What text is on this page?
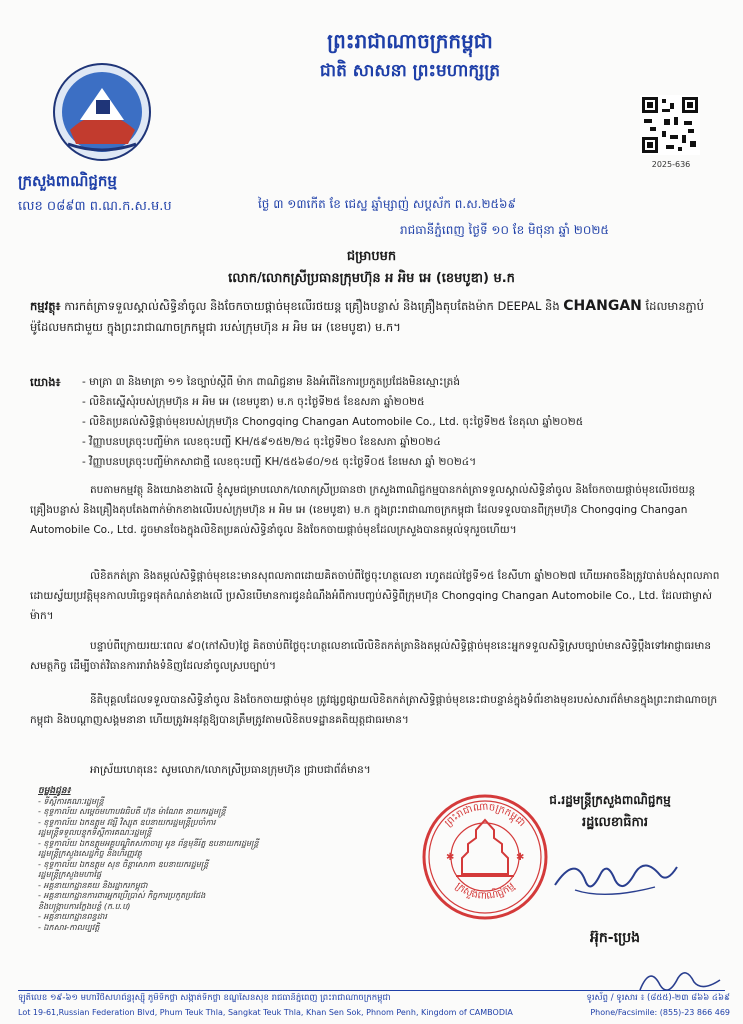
ព្រះរាជាណាចក្រកម្ពុជា
ជាតិ សាសនា ព្រះមហាក្សត្រ
ក្រសួងពាណិជ្ជកម្ម
2025-636
លេខ ០៨៩៣ ព.ណ.ក.ស.ម.ប	ថ្ងៃ ៣ ១៣កើត ខែ ជេស្ឋ ឆ្នាំម្សាញ់ សប្តស័ក ព.ស.២៥៦៩
រាជធានីភ្នំពេញ ថ្ងៃទី ១០ ខែ មិថុនា ឆ្នាំ ២០២៥
ជម្រាបមក
លោក/លោកស្រីប្រធានក្រុមហ៊ុន អ អិម អេ (ខេមបូឌា) ម.ក
កម្មវត្ថុ៖ ការកត់ត្រាទទួលស្គាល់សិទ្ធិនាំចូល និងចែកចាយផ្ដាច់មុខលើរថយន្ត គ្រឿងបន្លាស់ និងគ្រឿងតុបតែងម៉ាក DEEPAL និង CHANGAN ដែលមានភ្ជាប់ម៉ូដែលមកជាមួយ ក្នុងព្រះរាជាណាចក្រកម្ពុជា របស់ក្រុមហ៊ុន អ អិម អេ (ខេមបូឌា) ម.ក។
យោង៖	- មាត្រា ៣ និងមាត្រា ១១ នៃច្បាប់ស្តីពី ម៉ាក ពាណិជ្ជនាម និងអំពើនៃការប្រកួតប្រជែងមិនស្មោះត្រង់
- លិខិតស្នើសុំរបស់ក្រុមហ៊ុន អ អិម អេ (ខេមបូឌា) ម.ក ចុះថ្ងៃទី២៥ ខែឧសភា ឆ្នាំ២០២៥
- លិខិតប្រគល់សិទ្ធិផ្តាច់មុខរបស់ក្រុមហ៊ុន Chongqing Changan Automobile Co., Ltd. ចុះថ្ងៃទី២៥ ខែតុលា ឆ្នាំ២០២៥
- វិញ្ញាបនបត្រចុះបញ្ជីម៉ាក លេខចុះបញ្ជី KH/៥៩១៥២/២៤ ចុះថ្ងៃទី២០ ខែឧសភា ឆ្នាំ២០២៤
- វិញ្ញាបនបត្រចុះបញ្ជីម៉ាកសាជាថ្មី លេខចុះបញ្ជី KH/៥៥៦៨០/១៥ ចុះថ្ងៃទី០៥ ខែមេសា ឆ្នាំ ២០២៤។
តបតាមកម្មវត្ថុ និងយោងខាងលើ ខ្ញុំសូមជម្រាបលោក/លោកស្រីប្រធានថា ក្រសួងពាណិជ្ជកម្មបានកត់ត្រាទទួលស្គាល់សិទ្ធិនាំចូល និងចែកចាយផ្ដាច់មុខលើរថយន្ត គ្រឿងបន្លាស់ និងគ្រឿងតុបតែងពាក់ម៉ាកខាងលើរបស់ក្រុមហ៊ុន អ អិម អេ (ខេមបូឌា) ម.ក ក្នុងព្រះរាជាណាចក្រកម្ពុជា ដែលទទួលបានពីក្រុមហ៊ុន Chongqing Changan Automobile Co., Ltd. ដូចមានចែងក្នុងលិខិតប្រគល់សិទ្ធិនាំចូល និងចែកចាយផ្ដាច់មុខដែលក្រសួងបានតម្កល់ទុករួចហើយ។
លិខិតកត់ត្រា និងតម្កល់សិទ្ធិផ្តាច់មុខនេះមានសុពលភាពដោយគិតចាប់ពីថ្ងៃចុះហត្ថលេខា រហូតដល់ថ្ងៃទី១៥ ខែសីហា ឆ្នាំ២០២៧ ហើយអាចនឹងត្រូវបាត់បង់សុពលភាពដោយស្វ័យប្រវត្តិមុនកាលបរិច្ឆេទផុតកំណត់ខាងលើ ប្រសិនបើមានការជូនដំណឹងអំពីការបញ្ចប់សិទ្ធិពីក្រុមហ៊ុន Chongqing Changan Automobile Co., Ltd. ដែលជាម្ចាស់ម៉ាក។
បន្ទាប់ពីក្រោយរយៈពេល ៩០(កៅសិប)ថ្ងៃ គិតចាប់ពីថ្ងៃចុះហត្ថលេខាលើលិខិតកត់ត្រានិងតម្កល់សិទ្ធិផ្តាច់មុខនេះអ្នកទទួលសិទ្ធិស្របច្បាប់មានសិទ្ធិប្តឹងទៅអាជ្ញាធរមានសមត្ថកិច្ច ដើម្បីចាត់វិធានការរារាំងទំនិញដែលនាំចូលស្របច្បាប់។
នីតិបុគ្គលដែលទទួលបានសិទ្ធិនាំចូល និងចែកចាយផ្ដាច់មុខ ត្រូវផ្សព្វផ្សាយលិខិតកត់ត្រាសិទ្ធិផ្តាច់មុខនេះជាបន្ទាន់ក្នុងទំព័រខាងមុខរបស់សារព័ត៌មានក្នុងព្រះរាជាណាចក្រកម្ពុជា និងបណ្តាញសង្គមនានា ហើយត្រូវអនុវត្តឱ្យបានត្រឹមត្រូវតាមលិខិតបទដ្ឋានគតិយុត្តជាធរមាន។
អាស្រ័យហេតុនេះ សូមលោក/លោកស្រីប្រធានក្រុមហ៊ុន ជ្រាបជាព័ត៌មាន។
ចម្លងជូន៖
- ទីស្ដីការគណៈរដ្ឋមន្ត្រី
- ខុទ្ទកាល័យ សម្ដេចមហាបវរធិបតី ហ៊ុន ម៉ាណែត នាយករដ្ឋមន្ត្រី
- ខុទ្ទកាល័យ ឯកឧត្តម វង្សី វិស្សុត ឧបនាយករដ្ឋមន្ត្រីប្រចាំការ
រដ្ឋមន្ត្រីទទួលបន្ទុកទីស្ដីការគណៈរដ្ឋមន្ត្រី
- ខុទ្ទកាល័យ ឯកឧត្តមអគ្គបណ្ឌិតសភាចារ្យ អូន ព័ន្ធមុនីរ័ត្ន ឧបនាយករដ្ឋមន្ត្រី
រដ្ឋមន្ត្រីក្រសួងសេដ្ឋកិច្ច និងហិរញ្ញវត្ថុ
- ខុទ្ទកាល័យ ឯកឧត្តម សុខ ចិន្តាសោភា ឧបនាយករដ្ឋមន្ត្រី
រដ្ឋមន្ត្រីក្រសួងមហាផ្ទៃ
- អគ្គនាយកដ្ឋានគយ និងរដ្ឋាករកម្ពុជា
- អគ្គនាយកដ្ឋានការពារអ្នកប្រើប្រាស់ កិច្ចការប្រកួតប្រជែង
និងបង្ក្រាបការក្លែងបន្លំ (ក.ប.ប)
- អគ្គនាយកដ្ឋានពន្ធដារ
- ឯកសារ-កាលប្បវត្តិ
ព្រះរាជាណាចក្រកម្ពុជា
ក្រសួងពាណិជ្ជកម្ម
✱	✱
ជ.រដ្ឋមន្ត្រីក្រសួងពាណិជ្ជកម្ម
រដ្ឋលេខាធិការ
អ៊ុក-ប្រេង
ឡូតិ៍លេខ ១៩-៦១ មហាវិថីសហព័ន្ធរុស្ស៊ី ភូមិទឹកថ្លា សង្កាត់ទឹកថ្លា ខណ្ឌសែនសុខ រាជធានីភ្នំពេញ ព្រះរាជាណាចក្រកម្ពុជា	ទូរស័ព្ទ / ទូរសារ ៖ (៨៥៥)-២៣ ៨៦៦ ៤៦៩
Lot 19-61,Russian Federation Blvd, Phum Teuk Thla, Sangkat Teuk Thla, Khan Sen Sok, Phnom Penh, Kingdom of CAMBODIA	Phone/Facsimile: (855)-23 866 469
